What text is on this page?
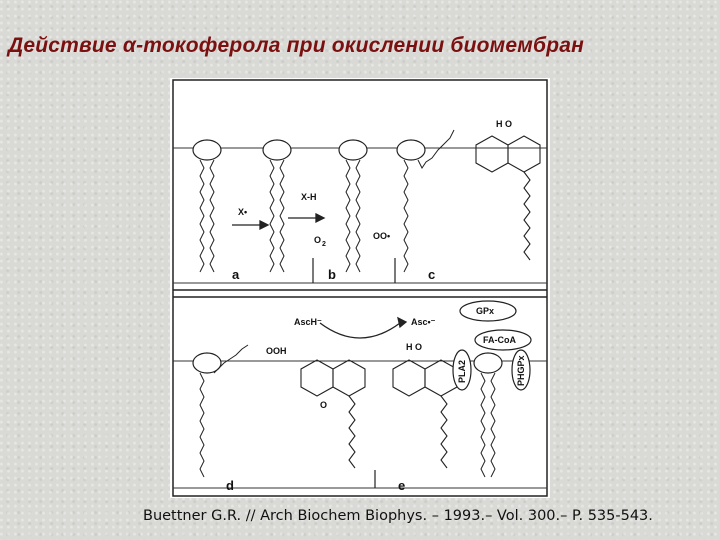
Действие α-токоферола при окислении биомембран
a	b	c
d	e
X•
X-H
O 2
OO•
H O
AscH⁻	Asc•⁻
GPx
FA-CoA
PLA2	PHGPx
OOH	H O
O
Buettner G.R. // Arch Biochem Biophys. – 1993.– Vol. 300.– P. 535-543.
